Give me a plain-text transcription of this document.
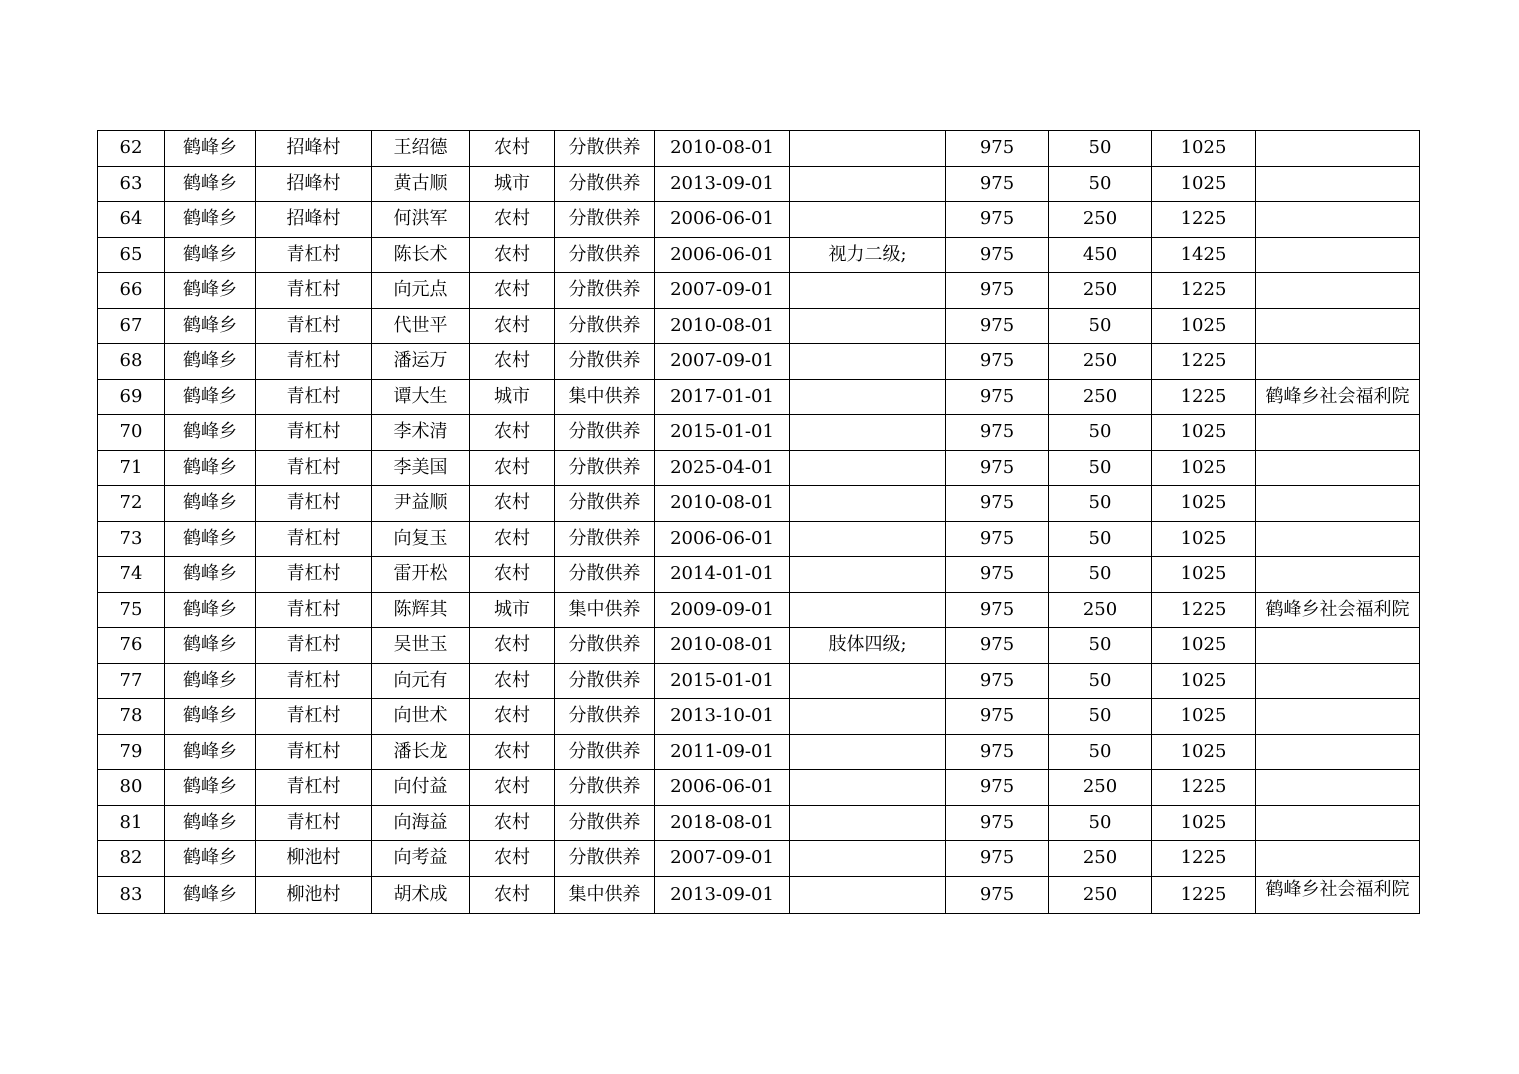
62	鹤峰乡	招峰村	王绍德	农村	分散供养	2010-08-01		975	50	1025	
63	鹤峰乡	招峰村	黄古顺	城市	分散供养	2013-09-01		975	50	1025	
64	鹤峰乡	招峰村	何洪军	农村	分散供养	2006-06-01		975	250	1225	
65	鹤峰乡	青杠村	陈长术	农村	分散供养	2006-06-01	视力二级;	975	450	1425	
66	鹤峰乡	青杠村	向元点	农村	分散供养	2007-09-01		975	250	1225	
67	鹤峰乡	青杠村	代世平	农村	分散供养	2010-08-01		975	50	1025	
68	鹤峰乡	青杠村	潘运万	农村	分散供养	2007-09-01		975	250	1225	
69	鹤峰乡	青杠村	谭大生	城市	集中供养	2017-01-01		975	250	1225	鹤峰乡社会福利院
70	鹤峰乡	青杠村	李术清	农村	分散供养	2015-01-01		975	50	1025	
71	鹤峰乡	青杠村	李美国	农村	分散供养	2025-04-01		975	50	1025	
72	鹤峰乡	青杠村	尹益顺	农村	分散供养	2010-08-01		975	50	1025	
73	鹤峰乡	青杠村	向复玉	农村	分散供养	2006-06-01		975	50	1025	
74	鹤峰乡	青杠村	雷开松	农村	分散供养	2014-01-01		975	50	1025	
75	鹤峰乡	青杠村	陈辉其	城市	集中供养	2009-09-01		975	250	1225	鹤峰乡社会福利院
76	鹤峰乡	青杠村	吴世玉	农村	分散供养	2010-08-01	肢体四级;	975	50	1025	
77	鹤峰乡	青杠村	向元有	农村	分散供养	2015-01-01		975	50	1025	
78	鹤峰乡	青杠村	向世术	农村	分散供养	2013-10-01		975	50	1025	
79	鹤峰乡	青杠村	潘长龙	农村	分散供养	2011-09-01		975	50	1025	
80	鹤峰乡	青杠村	向付益	农村	分散供养	2006-06-01		975	250	1225	
81	鹤峰乡	青杠村	向海益	农村	分散供养	2018-08-01		975	50	1025	
82	鹤峰乡	柳池村	向考益	农村	分散供养	2007-09-01		975	250	1225	
83	鹤峰乡	柳池村	胡术成	农村	集中供养	2013-09-01		975	250	1225	鹤峰乡社会福利院
